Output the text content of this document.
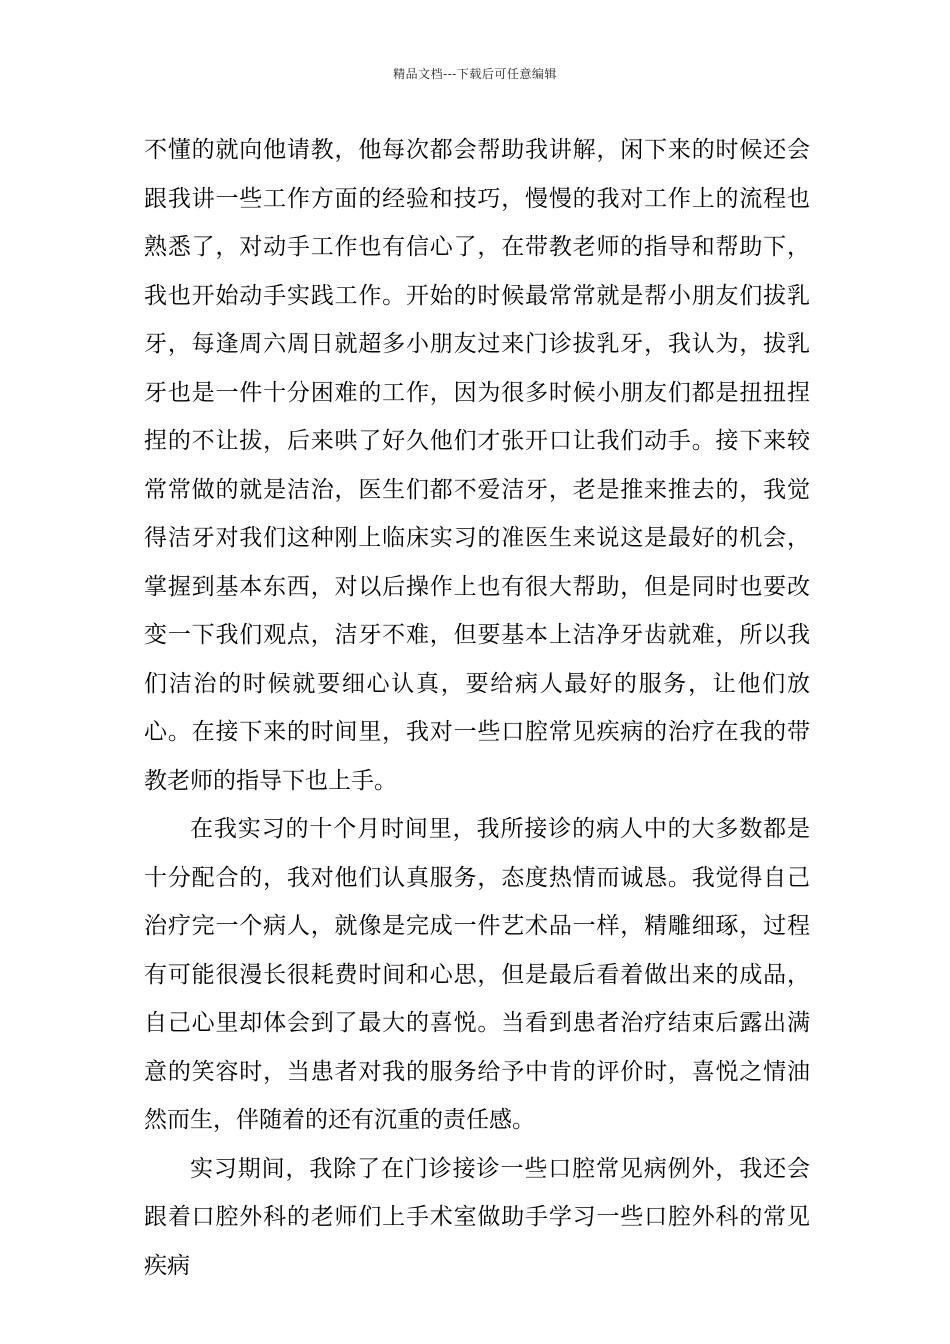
精品文档---下载后可任意编辑

不懂的就向他请教，他每次都会帮助我讲解，闲下来的时候还会跟我讲一些工作方面的经验和技巧，慢慢的我对工作上的流程也熟悉了，对动手工作也有信心了，在带教老师的指导和帮助下，我也开始动手实践工作。开始的时候最常常就是帮小朋友们拔乳牙，每逢周六周日就超多小朋友过来门诊拔乳牙，我认为，拔乳牙也是一件十分困难的工作，因为很多时候小朋友们都是扭扭捏捏的不让拔，后来哄了好久他们才张开口让我们动手。接下来较常常做的就是洁治，医生们都不爱洁牙，老是推来推去的，我觉得洁牙对我们这种刚上临床实习的准医生来说这是最好的机会，掌握到基本东西，对以后操作上也有很大帮助，但是同时也要改变一下我们观点，洁牙不难，但要基本上洁净牙齿就难，所以我们洁治的时候就要细心认真，要给病人最好的服务，让他们放心。在接下来的时间里，我对一些口腔常见疾病的治疗在我的带教老师的指导下也上手。

在我实习的十个月时间里，我所接诊的病人中的大多数都是十分配合的，我对他们认真服务，态度热情而诚恳。我觉得自己治疗完一个病人，就像是完成一件艺术品一样，精雕细琢，过程有可能很漫长很耗费时间和心思，但是最后看着做出来的成品，自己心里却体会到了最大的喜悦。当看到患者治疗结束后露出满意的笑容时，当患者对我的服务给予中肯的评价时，喜悦之情油然而生，伴随着的还有沉重的责任感。

实习期间，我除了在门诊接诊一些口腔常见病例外，我还会跟着口腔外科的老师们上手术室做助手学习一些口腔外科的常见疾病
